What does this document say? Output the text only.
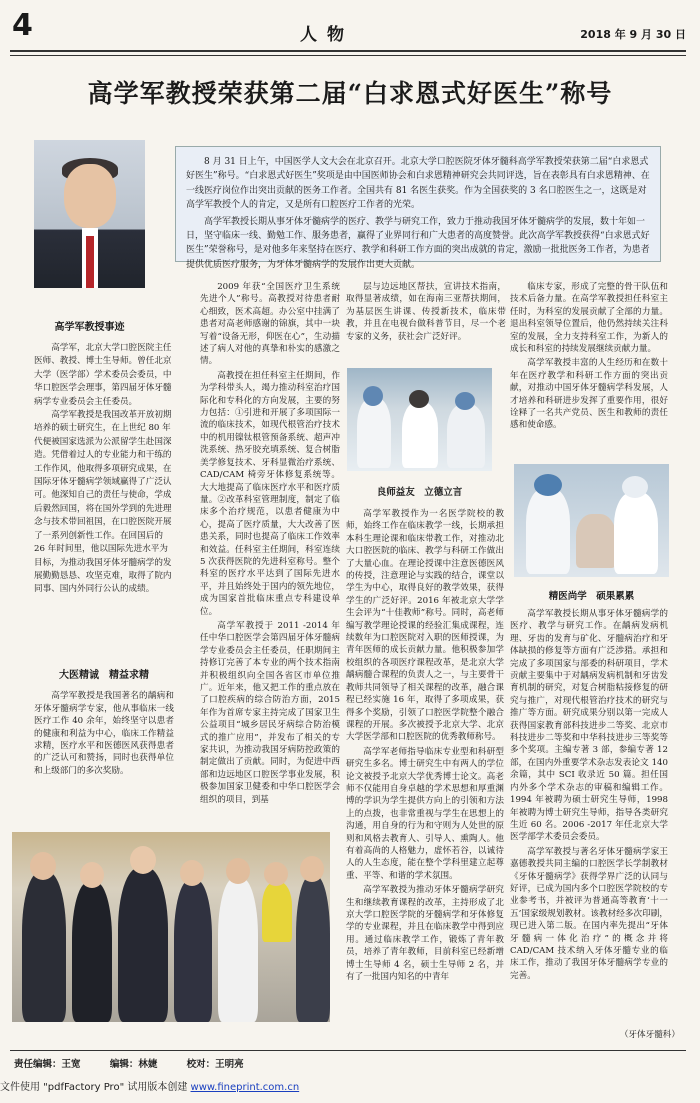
4	人物	2018 年 9 月 30 日
高学军教授荣获第二届“白求恩式好医生”称号
高学军教授事迹

8 月 31 日上午，中国医学人文大会在北京召开。北京大学口腔医院牙体牙髓科高学军教授荣获第二届“白求恩式好医生”称号。“白求恩式好医生”奖项是由中国医师协会和白求恩精神研究会共同评选，旨在表彰具有白求恩精神、在一线医疗岗位作出突出贡献的医务工作者。全国共有 81 名医生获奖。作为全国获奖的 3 名口腔医生之一，这既是对高学军教授个人的肯定，又是所有口腔医疗工作者的光荣。

高学军教授长期从事牙体牙髓病学的医疗、教学与研究工作，致力于推动我国牙体牙髓病学的发展，数十年如一日，坚守临床一线、勤勉工作、服务患者，赢得了业界同行和广大患者的高度赞誉。此次高学军教授获得“白求恩式好医生”荣誉称号，是对他多年来坚持在医疗、教学和科研工作方面的突出成就的肯定，激励一批批医务工作者，为患者提供优质医疗服务，为牙体牙髓病学的发展作出更大贡献。

高学军，北京大学口腔医院主任医师、教授、博士生导师。曾任北京大学（医学部）学术委员会委员，中华口腔医学会理事，第四届牙体牙髓病学专业委员会主任委员。

高学军教授是我国改革开放初期培养的硕士研究生，在上世纪 80 年代便被国家选派为公派留学生赴国深造。凭借着过人的专业能力和干练的工作作风，他取得多项研究成果，在国际牙体牙髓病学领域赢得了广泛认可。他深知自己的责任与使命，学成后毅然回国，将在国外学到的先进理念与技术带回祖国，在口腔医院开展了一系列创新性工作。在回国后的 26 年时间里，他以国际先进水平为目标，为推动我国牙体牙髓病学的发展勤勤恳恳、攻坚克难，取得了院内同事、国内外同行公认的成绩。

大医精诚　精益求精

高学军教授是我国著名的龋病和牙体牙髓病学专家，他从事临床一线医疗工作 40 余年，始终坚守以患者的健康和利益为中心，临床工作精益求精，医疗水平和医德医风获得患者的广泛认可和赞扬，同时也获得单位和上级部门的多次奖励。

2009 年获“全国医疗卫生系统先进个人”称号。高教授对待患者耐心细致，医术高超。办公室中挂满了患者对高老师感谢的锦旗，其中一块写着“设备无形，仰医在心”，生动描述了病人对他的真挚和朴实的感激之情。

高教授在担任科室主任期间，作为学科带头人，竭力推动科室治疗国际化和专科化的方向发展，主要的努力包括：①引进和开展了多项国际一流的临床技术，如现代根管治疗技术中的机用镍钛根管预备系统、超声冲洗系统、热牙胶充填系统、复合树脂美学修复技术、牙科显微治疗系统、CAD/CAM 椅旁牙体修复系统等。大大地提高了临床医疗水平和医疗质量。②改革科室管理制度，制定了临床多个治疗规范，以患者健康为中心，提高了医疗质量，大大改善了医患关系，同时也提高了临床工作效率和效益。任科室主任期间，科室连续 5 次获得医院的先进科室称号。整个科室的医疗水平达到了国际先进水平，并且始终处于国内的领先地位，成为国家首批临床重点专科建设单位。

高学军教授于 2011 -2014 年任中华口腔医学会第四届牙体牙髓病学专业委员会主任委员，任职期间主持修订完善了本专业的两个技术指南并积极组织向全国各省区市单位推广。近年来，他又把工作的重点放在了口腔疾病的综合防治方面，2015 年作为首席专家主持完成了国家卫生公益项目“城乡居民牙病综合防治模式的推广应用”，并发布了相关的专家共识，为推动我国牙病防控政策的制定做出了贡献。同时，为促进中西部和边远地区口腔医学事业发展，积极参加国家卫健委和中华口腔医学会组织的项目，到基

层与边远地区帮扶，宣讲技术指南，取得显著成绩，如在海南三亚帮扶期间，为基层医生讲课、传授新技术，临床带教，并且在电视台做科普节目，尽一个老专家的义务，获社会广泛好评。

良师益友　立德立言

高学军教授作为一名医学院校的教师，始终工作在临床教学一线，长期承担本科生理论课和临床带教工作，对推动北大口腔医院的临床、教学与科研工作做出了大量心血。在理论授课中注意医德医风的传授，注意理论与实践的结合，课堂以学生为中心，取得良好的教学效果，获得学生的广泛好评。2016 年被北京大学学生会评为“十佳教师”称号。同时，高老师编写教学理论授课的经验汇集成课程，连续数年为口腔医院对入职的医师授课，为青年医师的成长贡献力量。他积极参加学校组织的各项医疗课程改革，是北京大学龋病髓合课程的负责人之一，与主要骨干教师共同领导了相关课程的改革，融合课程已经实施 16 年，取得了多项成果，获得多个奖励，引领了口腔医学院整个融合课程的开展。多次被授予北京大学、北京大学医学部和口腔医院的优秀教师称号。

高学军老师指导临床专业型和科研型研究生多名。博士研究生中有两人的学位论文被授予北京大学优秀博士论文。高老师不仅能用自身卓越的学术思想和厚重渊博的学识为学生提供方向上的引领和方法上的点拨，也非常重视与学生在思想上的沟通，用自身的行为和守则为人处世的原则和风格去教育人、引导人、熏陶人。他有着高尚的人格魅力，虚怀若谷，以诚待人的人生态度，能在整个学科里建立起尊重、平等、和谐的学术氛围。

高学军教授为推动牙体牙髓病学研究生和继续教育课程的改革，主持形成了北京大学口腔医学院的牙髓病学和牙体修复学的专业课程，并且在临床教学中得到应用。通过临床教学工作，锻炼了青年教员，培养了青年教师，目前科室已经新增博士生导师 4 名，硕士生导师 2 名，并有了一批国内知名的中青年

临床专家，形成了完整的骨干队伍和技术后备力量。在高学军教授担任科室主任时，为科室的发展贡献了全部的力量。退出科室领导位置后，他仍然持续关注科室的发展，全力支持科室工作，为新人的成长和科室的持续发展继续贡献力量。

高学军教授丰富的人生经历和在数十年在医疗教学和科研工作方面的突出贡献，对推动中国牙体牙髓病学科发展，人才培养和科研进步发挥了重要作用，很好诠释了一名共产党员、医生和教师的责任感和使命感。

精医尚学　硕果累累

高学军教授长期从事牙体牙髓病学的医疗、教学与研究工作。在龋病发病机理、牙齿的发育与矿化、牙髓病治疗和牙体缺损的修复等方面有广泛涉猎。承担和完成了多项国家与部委的科研项目，学术贡献主要集中于对龋病发病机制和牙齿发育机制的研究，对复合树脂粘接修复的研究与推广，对现代根管治疗技术的研究与推广等方面。研究成果分别以第一完成人获得国家教育部科技进步二等奖、北京市科技进步二等奖和中华科技进步三等奖等多个奖项。主编专著 3 部，参编专著 12 部，在国内外重要学术杂志发表论文 140 余篇，其中 SCI 收录近 50 篇。担任国内外多个学术杂志的审稿和编辑工作。1994 年被聘为硕士研究生导师，1998 年被聘为博士研究生导师，指导各类研究生近 60 名。2006 -2017 年任北京大学医学部学术委员会委员。

高学军教授与著名牙体牙髓病学家王嘉德教授共同主编的口腔医学长学制教材《牙体牙髓病学》获得学界广泛的认同与好评，已成为国内多个口腔医学院校的专业参考书，并被评为普通高等教育‘十一五’国家级规划教材。该教材经多次印刷，现已进入第二版。在国内率先提出“牙体牙髓病一体化治疗”的概念并将 CAD/CAM 技术纳入牙体牙髓专业的临床工作，推动了我国牙体牙髓病学专业的完善。

（牙体牙髓科）
责任编辑：王宽	编辑：林婕	校对：王明亮
文件使用 "pdfFactory Pro" 试用版本创建 www.fineprint.com.cn
